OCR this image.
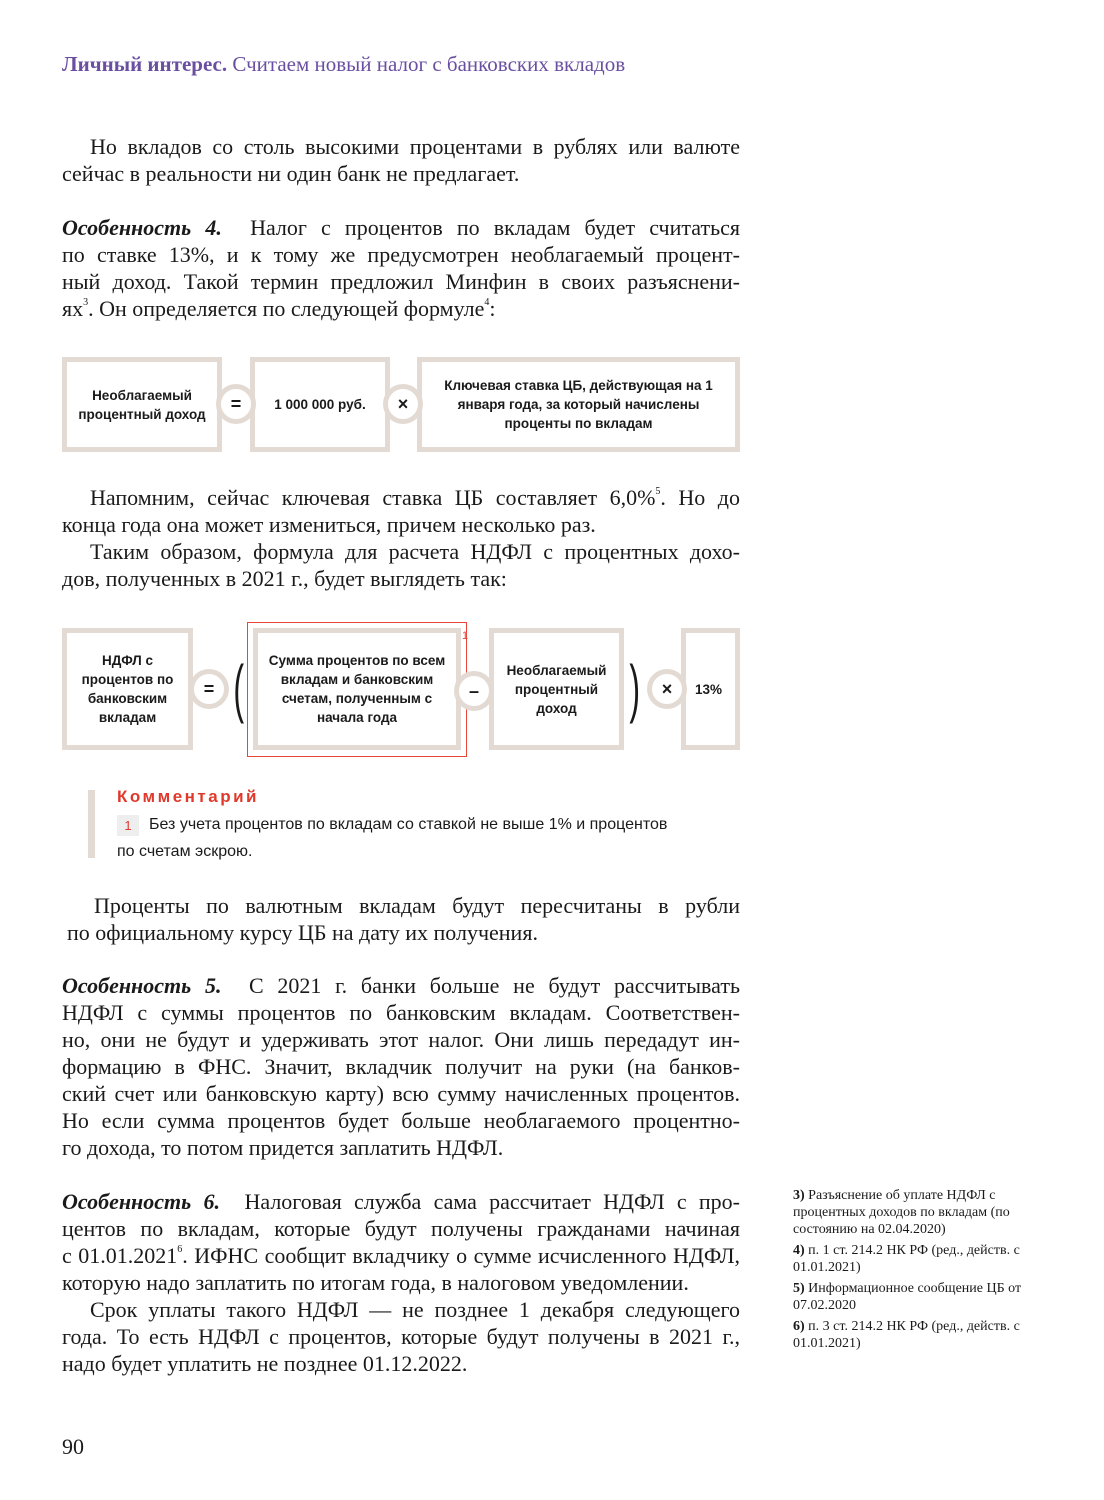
Личный интерес. Считаем новый налог с банковских вкладов
Но вкладов со столь высокими процентами в рублях или валюте
сейчас в реальности ни один банк не предлагает.
Особенность 4. Налог с процентов по вкладам будет считаться
по ставке 13%, и к тому же предусмотрен необлагаемый процент-
ный доход. Такой термин предложил Минфин в своих разъяснени-
$ях^3$. Он определяется по следующей формуле$^4$:
Необлагаемый процентный доход
1 000 000 руб.
Ключевая ставка ЦБ, действующая на 1 января года, за который начислены проценты по вкладам
=	×
Напомним, сейчас ключевая ставка ЦБ составляет 6,0%$^5$. Но до
конца года она может измениться, причем несколько раз.
Таким образом, формула для расчета НДФЛ с процентных дохо-
дов, полученных в 2021 г., будет выглядеть так:
НДФЛ с процентов по банковским вкладам
1
Сумма процентов по всем вкладам и банковским счетам, полученным с начала года
Необлагаемый процентный доход
13%
= (	– ) ×
Комментарий
1	Без учета процентов по вкладам со ставкой не выше 1% и процентов
по счетам эскрою.
Проценты по валютным вкладам будут пересчитаны в рубли
по официальному курсу ЦБ на дату их получения.
Особенность 5. С 2021 г. банки больше не будут рассчитывать
НДФЛ с суммы процентов по банковским вкладам. Соответствен-
но, они не будут и удерживать этот налог. Они лишь передадут ин-
формацию в ФНС. Значит, вкладчик получит на руки (на банков-
ский счет или банковскую карту) всю сумму начисленных процентов.
Но если сумма процентов будет больше необлагаемого процентно-
го дохода, то потом придется заплатить НДФЛ.
Особенность 6. Налоговая служба сама рассчитает НДФЛ с про-
центов по вкладам, которые будут получены гражданами начиная
с 01.01.2021$^6$. ИФНС сообщит вкладчику о сумме исчисленного НДФЛ,
которую надо заплатить по итогам года, в налоговом уведомлении.
Срок уплаты такого НДФЛ — не позднее 1 декабря следующего
года. То есть НДФЛ с процентов, которые будут получены в 2021 г.,
надо будет уплатить не позднее 01.12.2022.
3) Разъяснение об уплате НДФЛ с процентных доходов по вкладам (по состоянию на 02.04.2020)
4) п. 1 ст. 214.2 НК РФ (ред., действ. с 01.01.2021)
5) Информационное сообщение ЦБ от 07.02.2020
6) п. 3 ст. 214.2 НК РФ (ред., действ. с 01.01.2021)
90
